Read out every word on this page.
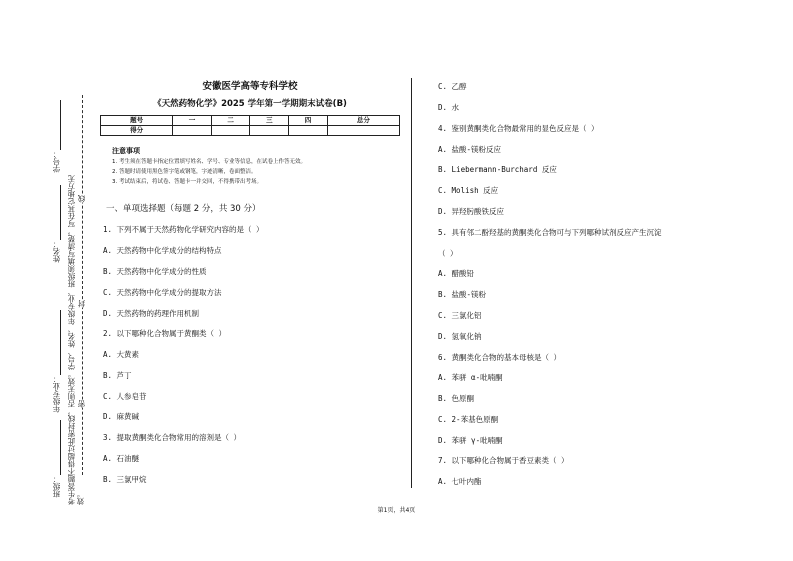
学号：
姓名：
年级专业：
班级： 考生答题不得超过此密封线，否则无效。学号、姓名、年级专业、班级须填写清楚，写在其它地方无效。
密
封
线
安徽医学高等专科学校
《天然药物化学》2025 学年第一学期期末试卷(B)
题号	一	二	三	四	总分
得分					
注意事项
1. 考生须在答题卡指定位置填写姓名、学号、专业等信息，在试卷上作答无效。
2. 答题时请使用黑色签字笔或钢笔，字迹清晰，卷面整洁。
3. 考试结束后，将试卷、答题卡一并交回，不得携带出考场。
一、单项选择题（每题 2 分，共 30 分）
1. 下列不属于天然药物化学研究内容的是（ ）
A. 天然药物中化学成分的结构特点
B. 天然药物中化学成分的性质
C. 天然药物中化学成分的提取方法
D. 天然药物的药理作用机制
2. 以下哪种化合物属于黄酮类（ ）
A. 大黄素
B. 芦丁
C. 人参皂苷
D. 麻黄碱
3. 提取黄酮类化合物常用的溶剂是（ ）
A. 石油醚
B. 三氯甲烷
C. 乙醇
D. 水
4. 鉴别黄酮类化合物最常用的显色反应是（ ）
A. 盐酸-镁粉反应
B. Liebermann-Burchard 反应
C. Molish 反应
D. 异羟肟酸铁反应
5. 具有邻二酚羟基的黄酮类化合物可与下列哪种试剂反应产生沉淀
（ ）
A. 醋酸铅
B. 盐酸-镁粉
C. 三氯化铝
D. 氢氧化钠
6. 黄酮类化合物的基本母核是（ ）
A. 苯骈 α-吡喃酮
B. 色原酮
C. 2-苯基色原酮
D. 苯骈 γ-吡喃酮
7. 以下哪种化合物属于香豆素类（ ）
A. 七叶内酯
第1页，共4页
